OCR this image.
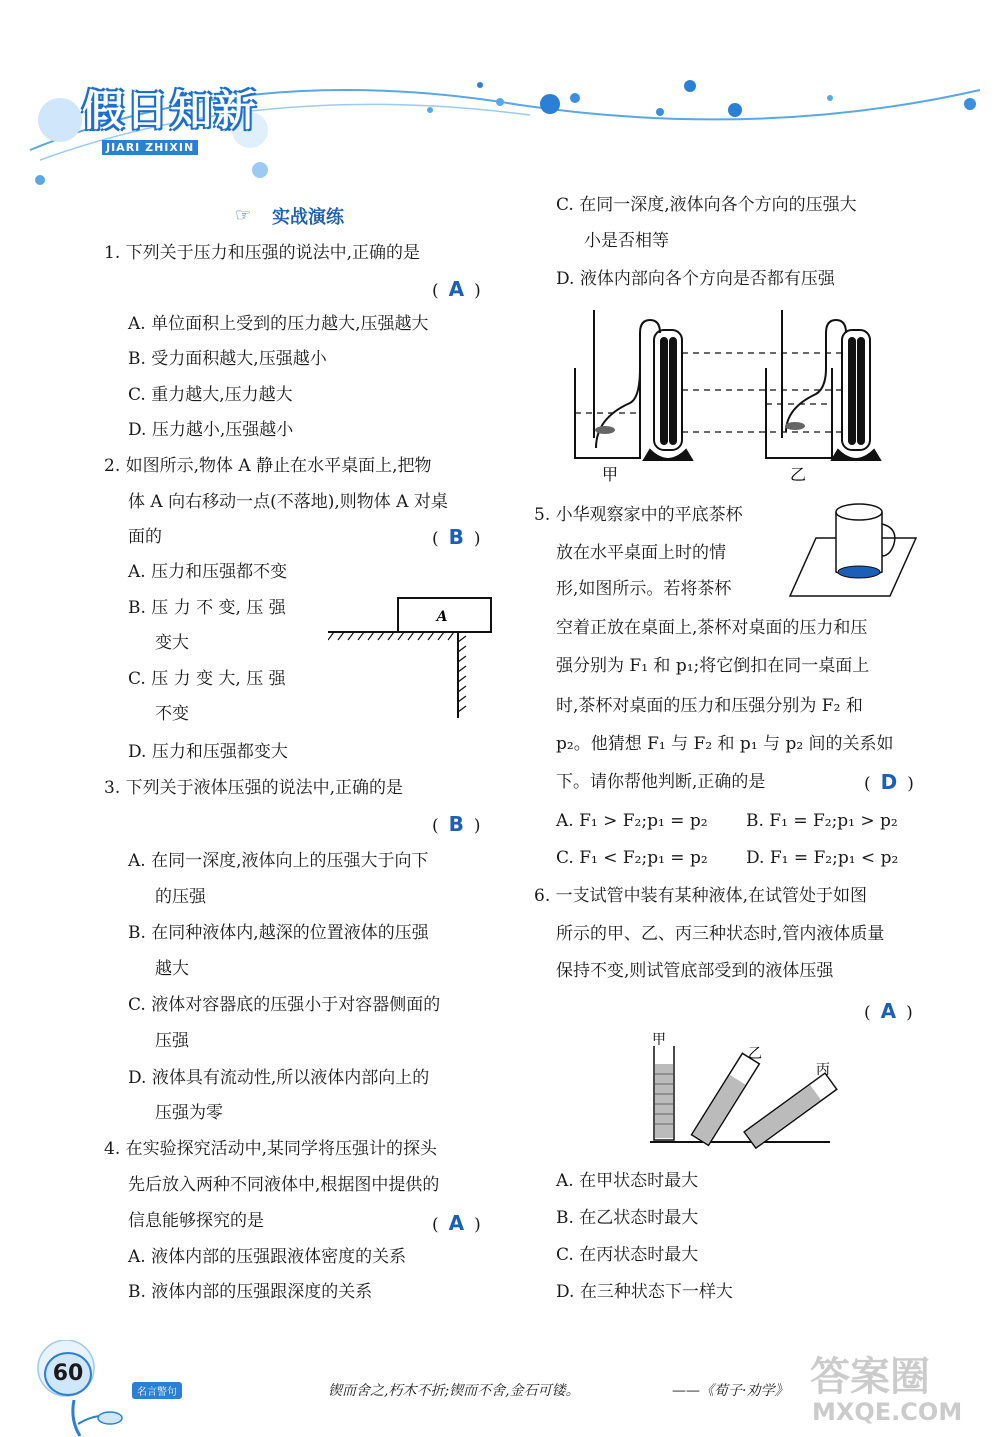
假日知新
JIARI ZHIXIN
☞ 实战演练
1. 下列关于压力和压强的说法中,正确的是
( A )
A. 单位面积上受到的压力越大,压强越大
B. 受力面积越大,压强越小
C. 重力越大,压力越大
D. 压力越小,压强越小
2. 如图所示,物体 A 静止在水平桌面上,把物
体 A 向右移动一点(不落地),则物体 A 对桌
面的	( B )
A. 压力和压强都不变
B. 压 力 不 变, 压 强
变大
C. 压 力 变 大, 压 强
不变
D. 压力和压强都变大
A
3. 下列关于液体压强的说法中,正确的是
( B )
A. 在同一深度,液体向上的压强大于向下
的压强
B. 在同种液体内,越深的位置液体的压强
越大
C. 液体对容器底的压强小于对容器侧面的
压强
D. 液体具有流动性,所以液体内部向上的
压强为零
4. 在实验探究活动中,某同学将压强计的探头
先后放入两种不同液体中,根据图中提供的
信息能够探究的是	( A )
A. 液体内部的压强跟液体密度的关系
B. 液体内部的压强跟深度的关系
C. 在同一深度,液体向各个方向的压强大
小是否相等
D. 液体内部向各个方向是否都有压强
甲	乙
5. 小华观察家中的平底茶杯
放在水平桌面上时的情
形,如图所示。若将茶杯
空着正放在桌面上,茶杯对桌面的压力和压
强分别为 F₁ 和 p₁;将它倒扣在同一桌面上
时,茶杯对桌面的压力和压强分别为 F₂ 和
p₂。他猜想 F₁ 与 F₂ 和 p₁ 与 p₂ 间的关系如
下。请你帮他判断,正确的是	( D )
A. F₁ > F₂;p₁ = p₂ B. F₁ = F₂;p₁ > p₂
C. F₁ < F₂;p₁ = p₂ D. F₁ = F₂;p₁ < p₂
6. 一支试管中装有某种液体,在试管处于如图
所示的甲、乙、丙三种状态时,管内液体质量
保持不变,则试管底部受到的液体压强
( A )
甲
乙
丙
A. 在甲状态时最大
B. 在乙状态时最大
C. 在丙状态时最大
D. 在三种状态下一样大
60
名言警句	锲而舍之,朽木不折;锲而不舍,金石可镂。	——《荀子·劝学》 答案圈
MXQE.COM
